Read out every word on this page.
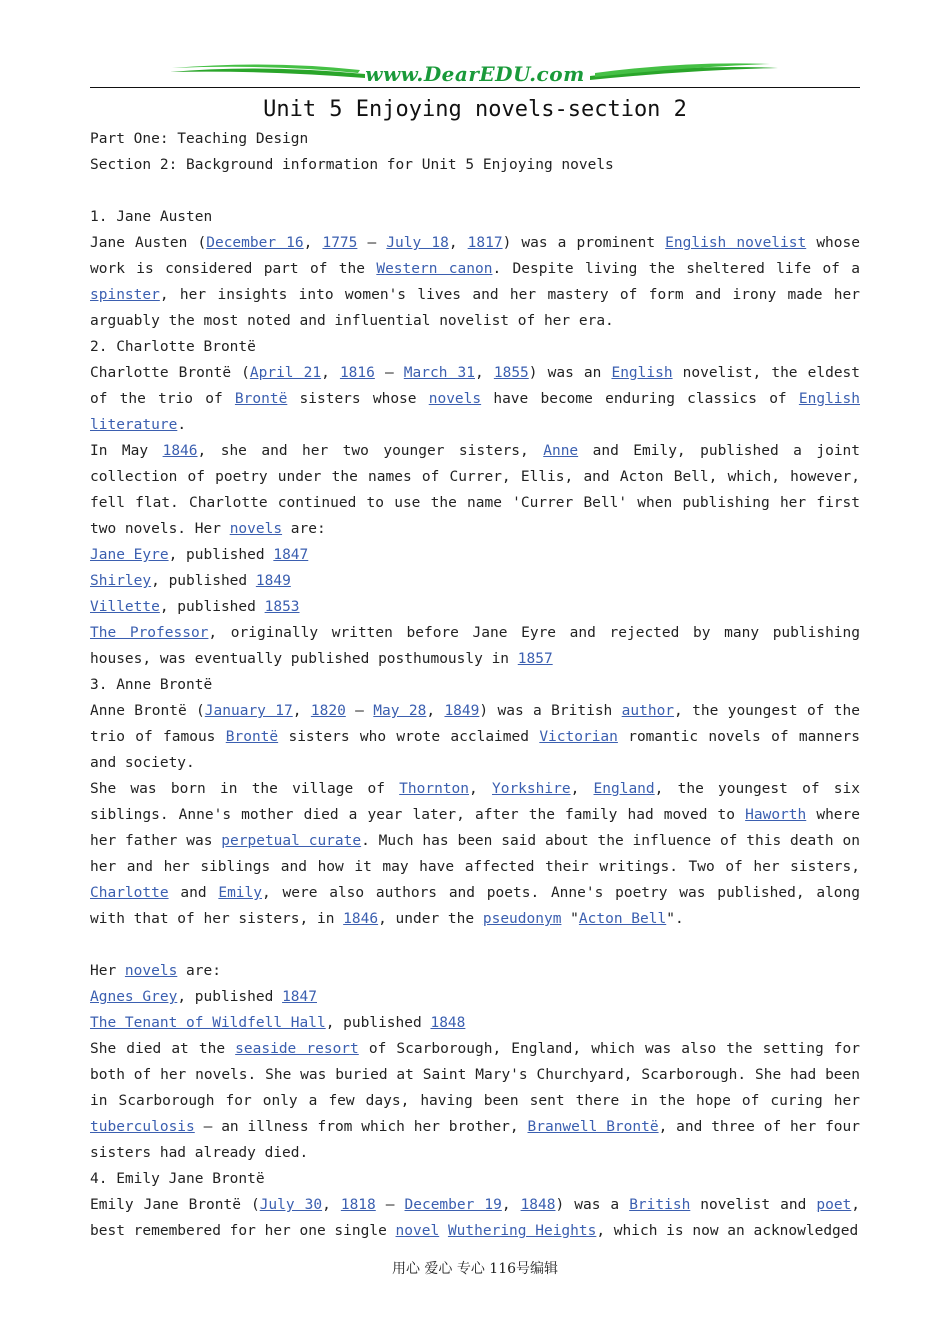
www.DearEDU.com
Unit 5 Enjoying novels-section 2

Part One: Teaching Design

Section 2: Background information for Unit 5 Enjoying novels

1. Jane Austen

Jane Austen (December 16, 1775 – July 18, 1817) was a prominent English novelist whose work is considered part of the Western canon. Despite living the sheltered life of a spinster, her insights into women's lives and her mastery of form and irony made her arguably the most noted and influential novelist of her era.

2. Charlotte Brontë

Charlotte Brontë (April 21, 1816 – March 31, 1855) was an English novelist, the eldest of the trio of Brontë sisters whose novels have become enduring classics of English literature.

In May 1846, she and her two younger sisters, Anne and Emily, published a joint collection of poetry under the names of Currer, Ellis, and Acton Bell, which, however, fell flat. Charlotte continued to use the name 'Currer Bell' when publishing her first two novels. Her novels are:

Jane Eyre, published 1847

Shirley, published 1849

Villette, published 1853

The Professor, originally written before Jane Eyre and rejected by many publishing houses, was eventually published posthumously in 1857

3. Anne Brontë

Anne Brontë (January 17, 1820 – May 28, 1849) was a British author, the youngest of the trio of famous Brontë sisters who wrote acclaimed Victorian romantic novels of manners and society.

She was born in the village of Thornton, Yorkshire, England, the youngest of six siblings. Anne's mother died a year later, after the family had moved to Haworth where her father was perpetual curate. Much has been said about the influence of this death on her and her siblings and how it may have affected their writings. Two of her sisters, Charlotte and Emily, were also authors and poets. Anne's poetry was published, along with that of her sisters, in 1846, under the pseudonym "Acton Bell".

Her novels are:

Agnes Grey, published 1847

The Tenant of Wildfell Hall, published 1848

She died at the seaside resort of Scarborough, England, which was also the setting for both of her novels. She was buried at Saint Mary's Churchyard, Scarborough. She had been in Scarborough for only a few days, having been sent there in the hope of curing her tuberculosis — an illness from which her brother, Branwell Brontë, and three of her four sisters had already died.

4. Emily Jane Brontë

Emily Jane Brontë (July 30, 1818 – December 19, 1848) was a British novelist and poet, best remembered for her one single novel Wuthering Heights, which is now an acknowledged

用心 爱心 专心 116号编辑
